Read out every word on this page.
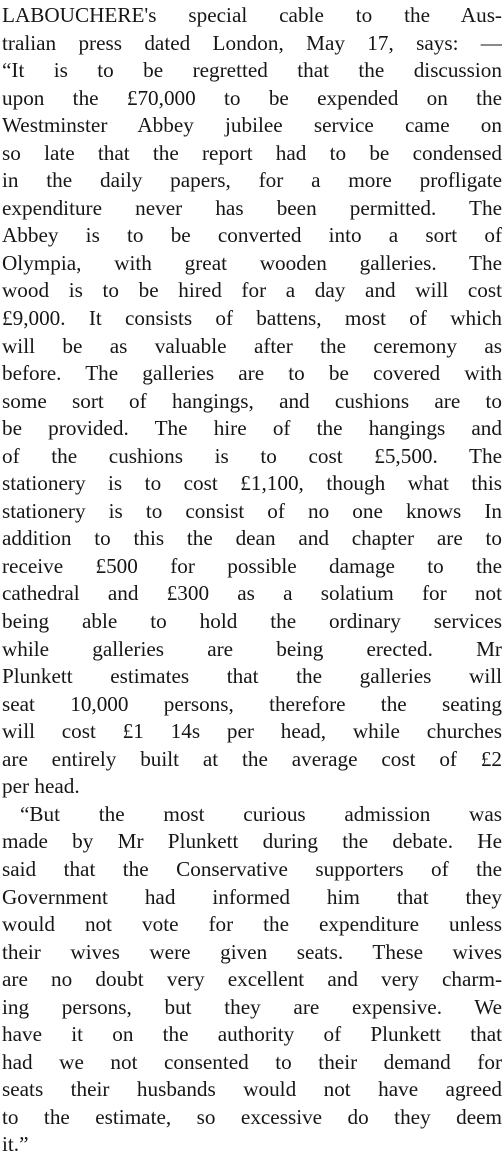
LABOUCHERE's special cable to the Aus-
tralian press dated London, May 17, says: —
“It is to be regretted that the discussion
upon the £70,000 to be expended on the
Westminster Abbey jubilee service came on
so late that the report had to be condensed
in the daily papers, for a more profligate
expenditure never has been permitted. The
Abbey is to be converted into a sort of
Olympia, with great wooden galleries. The
wood is to be hired for a day and will cost
£9,000. It consists of battens, most of which
will be as valuable after the ceremony as
before. The galleries are to be covered with
some sort of hangings, and cushions are to
be provided. The hire of the hangings and
of the cushions is to cost £5,500. The
stationery is to cost £1,100, though what this
stationery is to consist of no one knows In
addition to this the dean and chapter are to
receive £500 for possible damage to the
cathedral and £300 as a solatium for not
being able to hold the ordinary services
while galleries are being erected. Mr
Plunkett estimates that the galleries will
seat 10,000 persons, therefore the seating
will cost £1 14s per head, while churches
are entirely built at the average cost of £2
per head.
“But the most curious admission was
made by Mr Plunkett during the debate. He
said that the Conservative supporters of the
Government had informed him that they
would not vote for the expenditure unless
their wives were given seats. These wives
are no doubt very excellent and very charm-
ing persons, but they are expensive. We
have it on the authority of Plunkett that
had we not consented to their demand for
seats their husbands would not have agreed
to the estimate, so excessive do they deem
it.”
